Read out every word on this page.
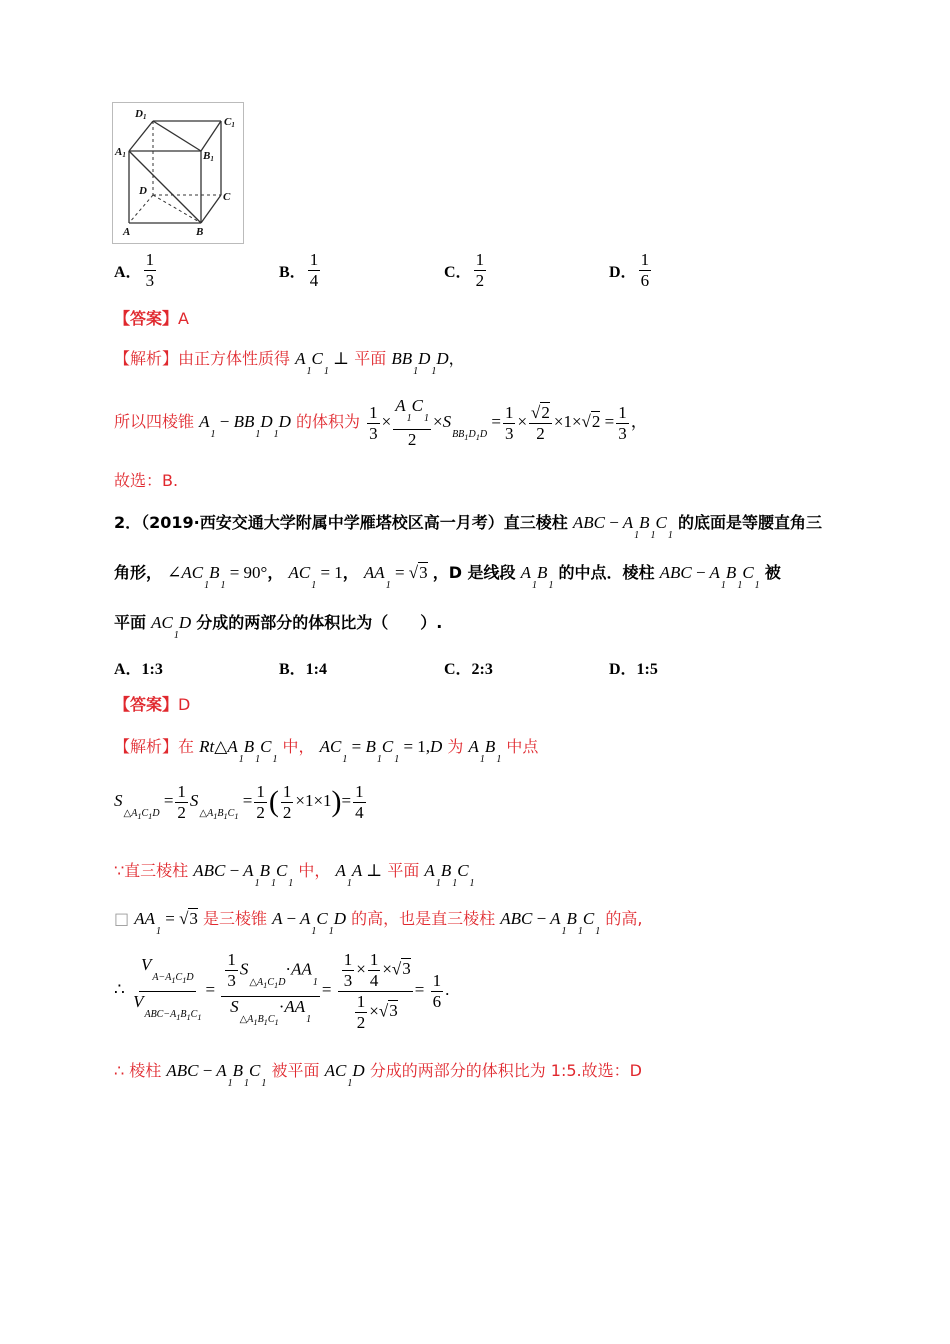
D1	C1
A1	B1
D	C
A	B
A． $\frac{1}{3}$	B． $\frac{1}{4}$	C． $\frac{1}{2}$	D． $\frac{1}{6}$
【答案】A
【解析】由正方体性质得 $A_1C_1$ ⊥ 平面 $BB_1D_1D$，
所以四棱锥 $A_1 - BB_1D_1D$ 的体积为 $\frac{1}{3} \times \frac{A_1C_1}{2} \times S_{BB_1D_1D} = \frac{1}{3} \times \frac{√2}{2} \times 1\times√2 = \frac{1}{3}$ ，
故选：B.
2．（2019·西安交通大学附属中学雁塔校区高一月考）直三棱柱 ABC − $A_1B_1C_1$ 的底面是等腰直角三
角形， $\angle AC_1B_1 = 90^\circ$， $AC_1 = 1$， $AA_1 = √3$ ，D 是线段 $A_1B_1$ 的中点．棱柱 ABC − $A_1B_1C_1$ 被
平面 $AC_1D$ 分成的两部分的体积比为（　　）.
A．1:3	B．1:4	C．2:3	D．1:5
【答案】D
【解析】在 $Rt\triangle A_1B_1C_1$ 中， $AC_1 = B_1C_1 = 1,D$ 为 $A_1B_1$ 中点
$S_{\triangle A_1C_1D} = \frac{1}{2} S_{\triangle A_1B_1C_1} = \frac{1}{2}$ ( $\frac{1}{2} \times 1\times 1)= \frac{1}{4}$
∵直三棱柱 ABC − $A_1B_1C_1$ 中， $A_1A$ ⊥ 平面 $A_1B_1C_1$
□ $AA_1 = √3$ 是三棱锥 $A - A_1C_1D$ 的高，也是直三棱柱 ABC − $A_1B_1C_1$ 的高,
∴ $\frac{V_{A-A_1C_1D}}{V_{ABC-A_1B_1C_1}} = \frac{\frac{1}{3} S_{\triangle A_1C_1D}\cdot AA_1}{S_{\triangle A_1B_1C_1}\cdot AA_1} = \frac{\frac{1}{3} \times \frac{1}{4} \times√3}{\frac{1}{2} \times√3} = \frac{1}{6}$ .
∴ 棱柱 ABC − $A_1B_1C_1$ 被平面 $AC_1D$ 分成的两部分的体积比为 1:5.故选：D
